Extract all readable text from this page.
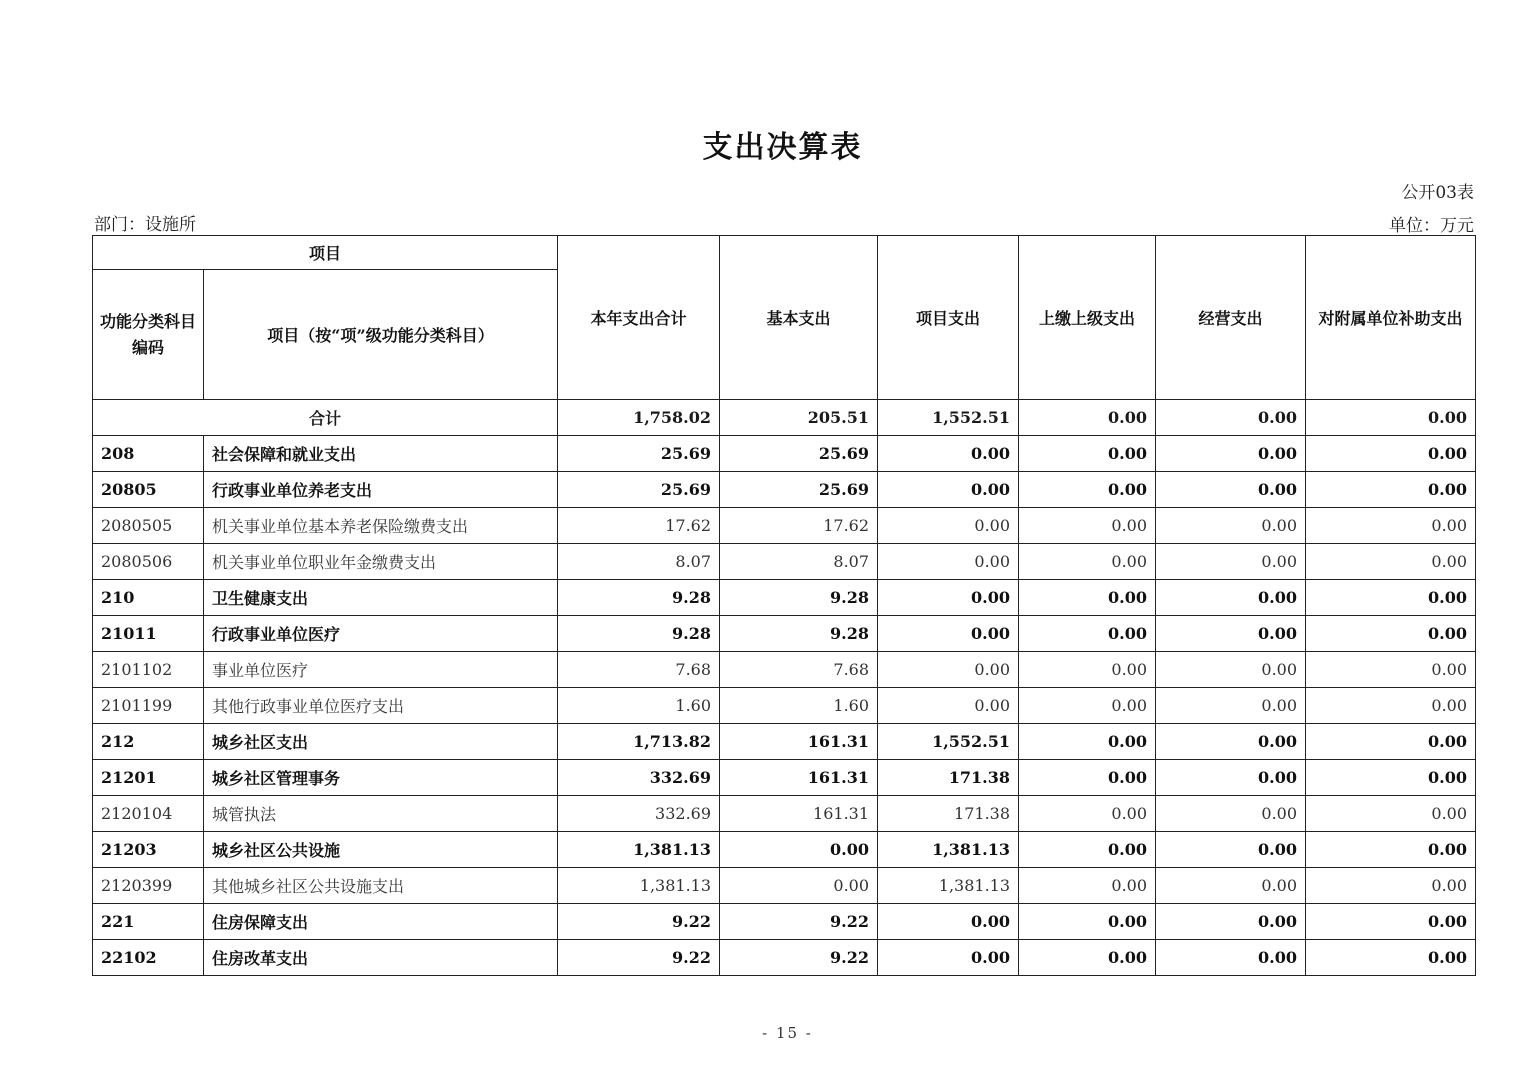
支出决算表
公开03表
部门：设施所	单位：万元
项目		本年支出合计	基本支出	项目支出	上缴上级支出	经营支出	对附属单位补助支出
功能分类科目编码	项目（按“项”级功能分类科目）						
合计		1,758.02	205.51	1,552.51	0.00	0.00	0.00
208	社会保障和就业支出	25.69	25.69	0.00	0.00	0.00	0.00
20805	行政事业单位养老支出	25.69	25.69	0.00	0.00	0.00	0.00
2080505	机关事业单位基本养老保险缴费支出	17.62	17.62	0.00	0.00	0.00	0.00
2080506	机关事业单位职业年金缴费支出	8.07	8.07	0.00	0.00	0.00	0.00
210	卫生健康支出	9.28	9.28	0.00	0.00	0.00	0.00
21011	行政事业单位医疗	9.28	9.28	0.00	0.00	0.00	0.00
2101102	事业单位医疗	7.68	7.68	0.00	0.00	0.00	0.00
2101199	其他行政事业单位医疗支出	1.60	1.60	0.00	0.00	0.00	0.00
212	城乡社区支出	1,713.82	161.31	1,552.51	0.00	0.00	0.00
21201	城乡社区管理事务	332.69	161.31	171.38	0.00	0.00	0.00
2120104	城管执法	332.69	161.31	171.38	0.00	0.00	0.00
21203	城乡社区公共设施	1,381.13	0.00	1,381.13	0.00	0.00	0.00
2120399	其他城乡社区公共设施支出	1,381.13	0.00	1,381.13	0.00	0.00	0.00
221	住房保障支出	9.22	9.22	0.00	0.00	0.00	0.00
22102	住房改革支出	9.22	9.22	0.00	0.00	0.00	0.00
- 15 -
